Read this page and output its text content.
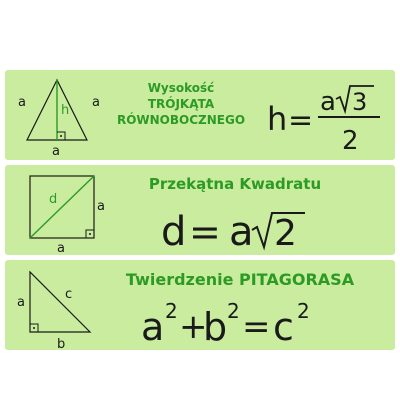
a	a
h
a
Wysokość
TRÓJKĄTA
RÓWNOBOCZNEGO h =
a 3
2
d	a
a
Przekątna Kwadratu
d = a 2
a
c
b
Twierdzenie PITAGORASA
a 2 +
b 2 = c 2
